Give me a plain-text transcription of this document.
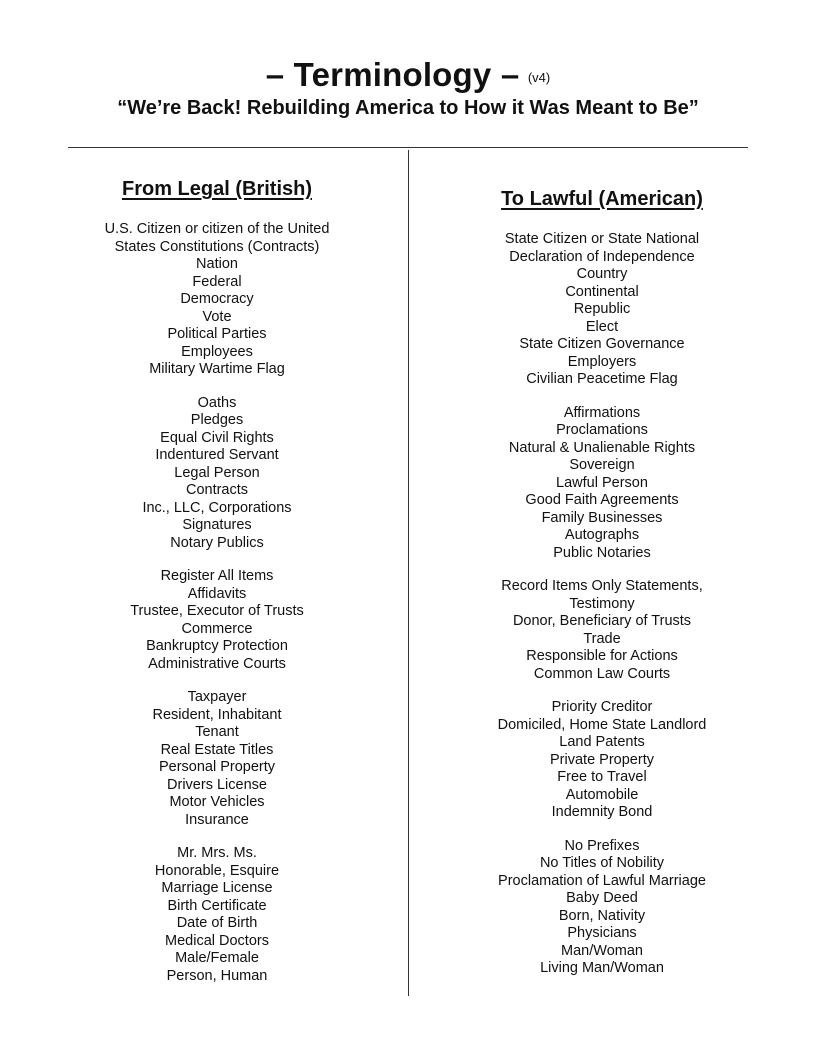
– Terminology – $^{(v4)}$
“We’re Back! Rebuilding America to How it Was Meant to Be”
From Legal (British)
U.S. Citizen or citizen of the United
States Constitutions (Contracts)
Nation
Federal
Democracy
Vote
Political Parties
Employees
Military Wartime Flag
Oaths
Pledges
Equal Civil Rights
Indentured Servant
Legal Person
Contracts
Inc., LLC, Corporations
Signatures
Notary Publics
Register All Items
Affidavits
Trustee, Executor of Trusts
Commerce
Bankruptcy Protection
Administrative Courts
Taxpayer
Resident, Inhabitant
Tenant
Real Estate Titles
Personal Property
Drivers License
Motor Vehicles
Insurance
Mr. Mrs. Ms.
Honorable, Esquire
Marriage License
Birth Certificate
Date of Birth
Medical Doctors
Male/Female
Person, Human
To Lawful (American)
State Citizen or State National
Declaration of Independence
Country
Continental
Republic
Elect
State Citizen Governance
Employers
Civilian Peacetime Flag
Affirmations
Proclamations
Natural & Unalienable Rights
Sovereign
Lawful Person
Good Faith Agreements
Family Businesses
Autographs
Public Notaries
Record Items Only Statements,
Testimony
Donor, Beneficiary of Trusts
Trade
Responsible for Actions
Common Law Courts
Priority Creditor
Domiciled, Home State Landlord
Land Patents
Private Property
Free to Travel
Automobile
Indemnity Bond
No Prefixes
No Titles of Nobility
Proclamation of Lawful Marriage
Baby Deed
Born, Nativity
Physicians
Man/Woman
Living Man/Woman
